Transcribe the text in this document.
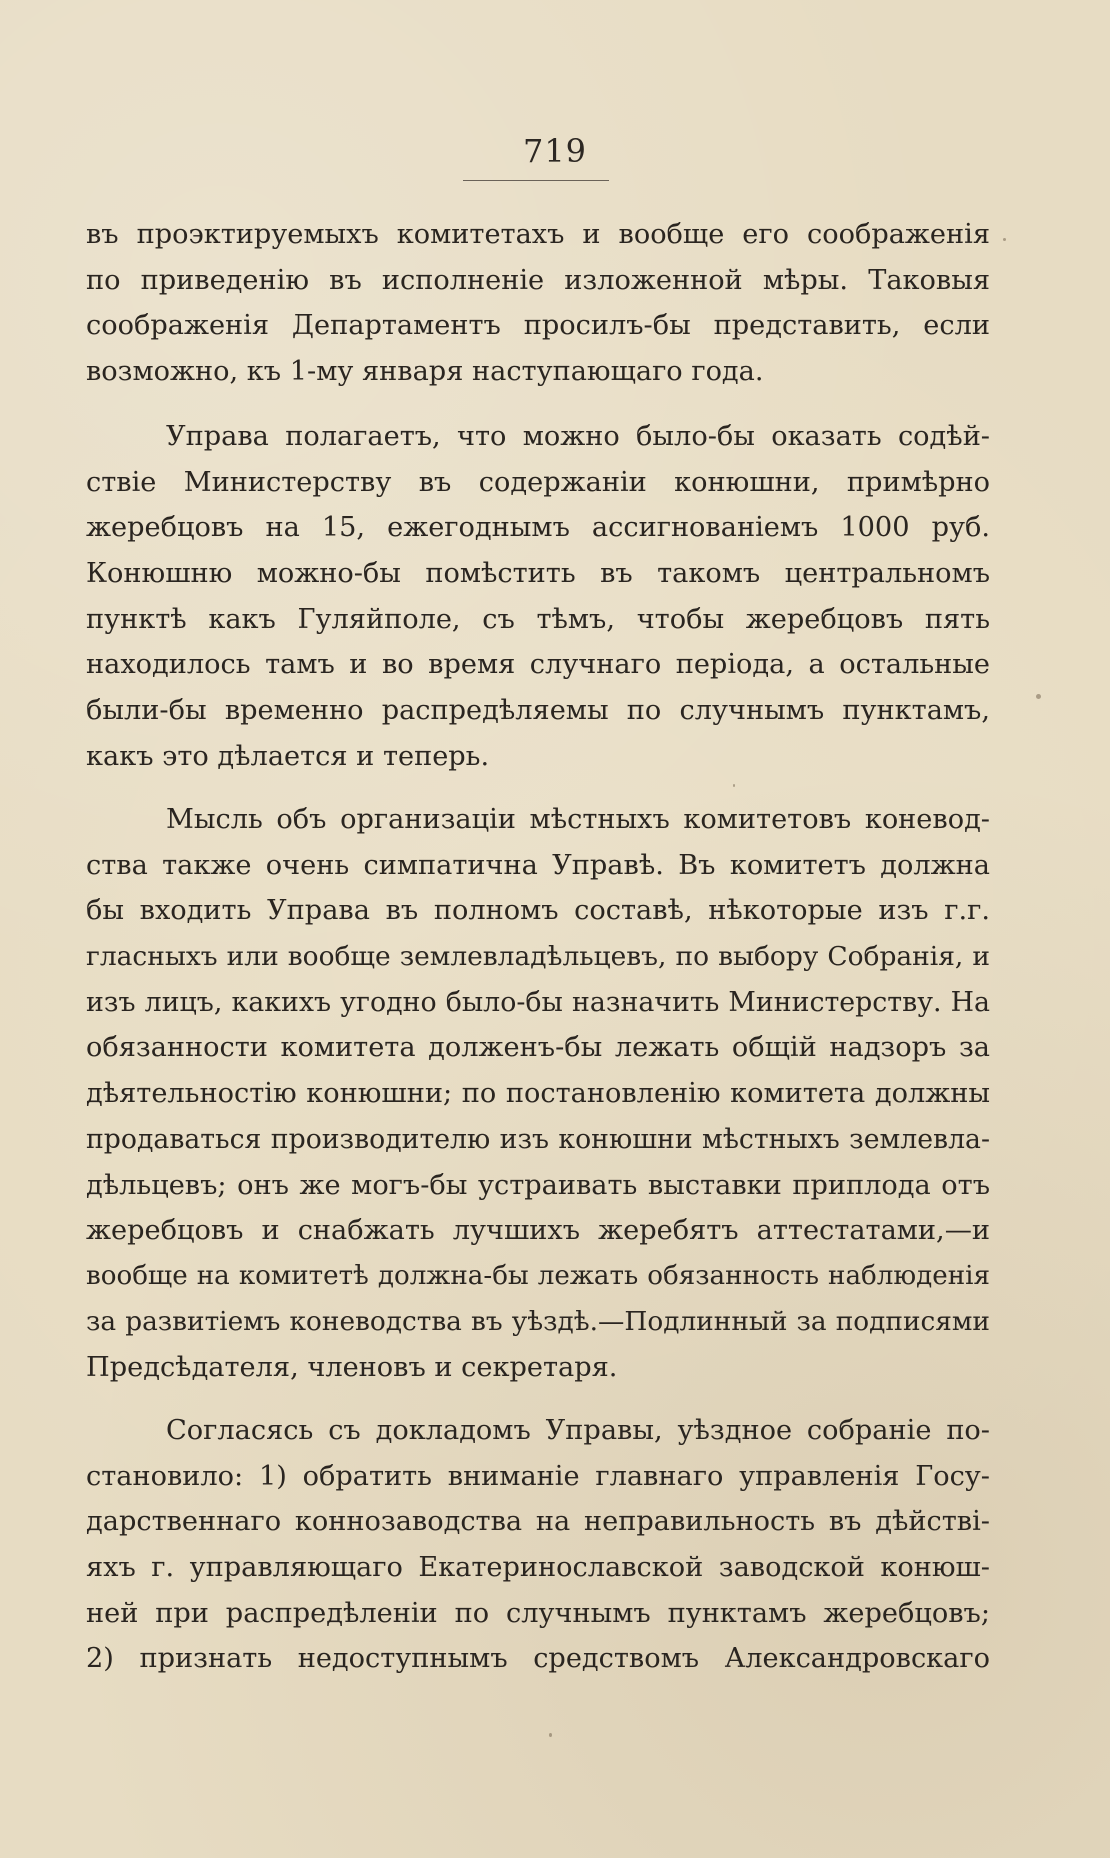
719
въ проэктируемыхъ комитетахъ и вообще его соображенія
по приведенію въ исполненіе изложенной мѣры. Таковыя
соображенія Департаментъ просилъ-бы представить, если
возможно, къ 1-му января наступающаго года.
Управа полагаетъ, что можно было-бы оказать содѣй-
ствіе Министерству въ содержаніи конюшни, примѣрно
жеребцовъ на 15, ежегоднымъ ассигнованіемъ 1000 руб.
Конюшню можно-бы помѣстить въ такомъ центральномъ
пунктѣ какъ Гуляйполе, съ тѣмъ, чтобы жеребцовъ пять
находилось тамъ и во время случнаго періода, а остальные
были-бы временно распредѣляемы по случнымъ пунктамъ,
какъ это дѣлается и теперь.
Мысль объ организаціи мѣстныхъ комитетовъ коневод-
ства также очень симпатична Управѣ. Въ комитетъ должна
бы входить Управа въ полномъ составѣ, нѣкоторые изъ г.г.
гласныхъ или вообще землевладѣльцевъ, по выбору Собранія, и
изъ лицъ, какихъ угодно было-бы назначить Министерству. На
обязанности комитета долженъ-бы лежать общій надзоръ за
дѣятельностію конюшни; по постановленію комитета должны
продаваться производителю изъ конюшни мѣстныхъ землевла-
дѣльцевъ; онъ же могъ-бы устраивать выставки приплода отъ
жеребцовъ и снабжать лучшихъ жеребятъ аттестатами,—и
вообще на комитетѣ должна-бы лежать обязанность наблюденія
за развитіемъ коневодства въ уѣздѣ.—Подлинный за подписями
Предсѣдателя, членовъ и секретаря.
Согласясь съ докладомъ Управы, уѣздное собраніе по-
становило: 1) обратить вниманіе главнаго управленія Госу-
дарственнаго коннозаводства на неправильность въ дѣйстві-
яхъ г. управляющаго Екатеринославской заводской конюш-
ней при распредѣленіи по случнымъ пунктамъ жеребцовъ;
2) признать недоступнымъ средствомъ Александровскаго
